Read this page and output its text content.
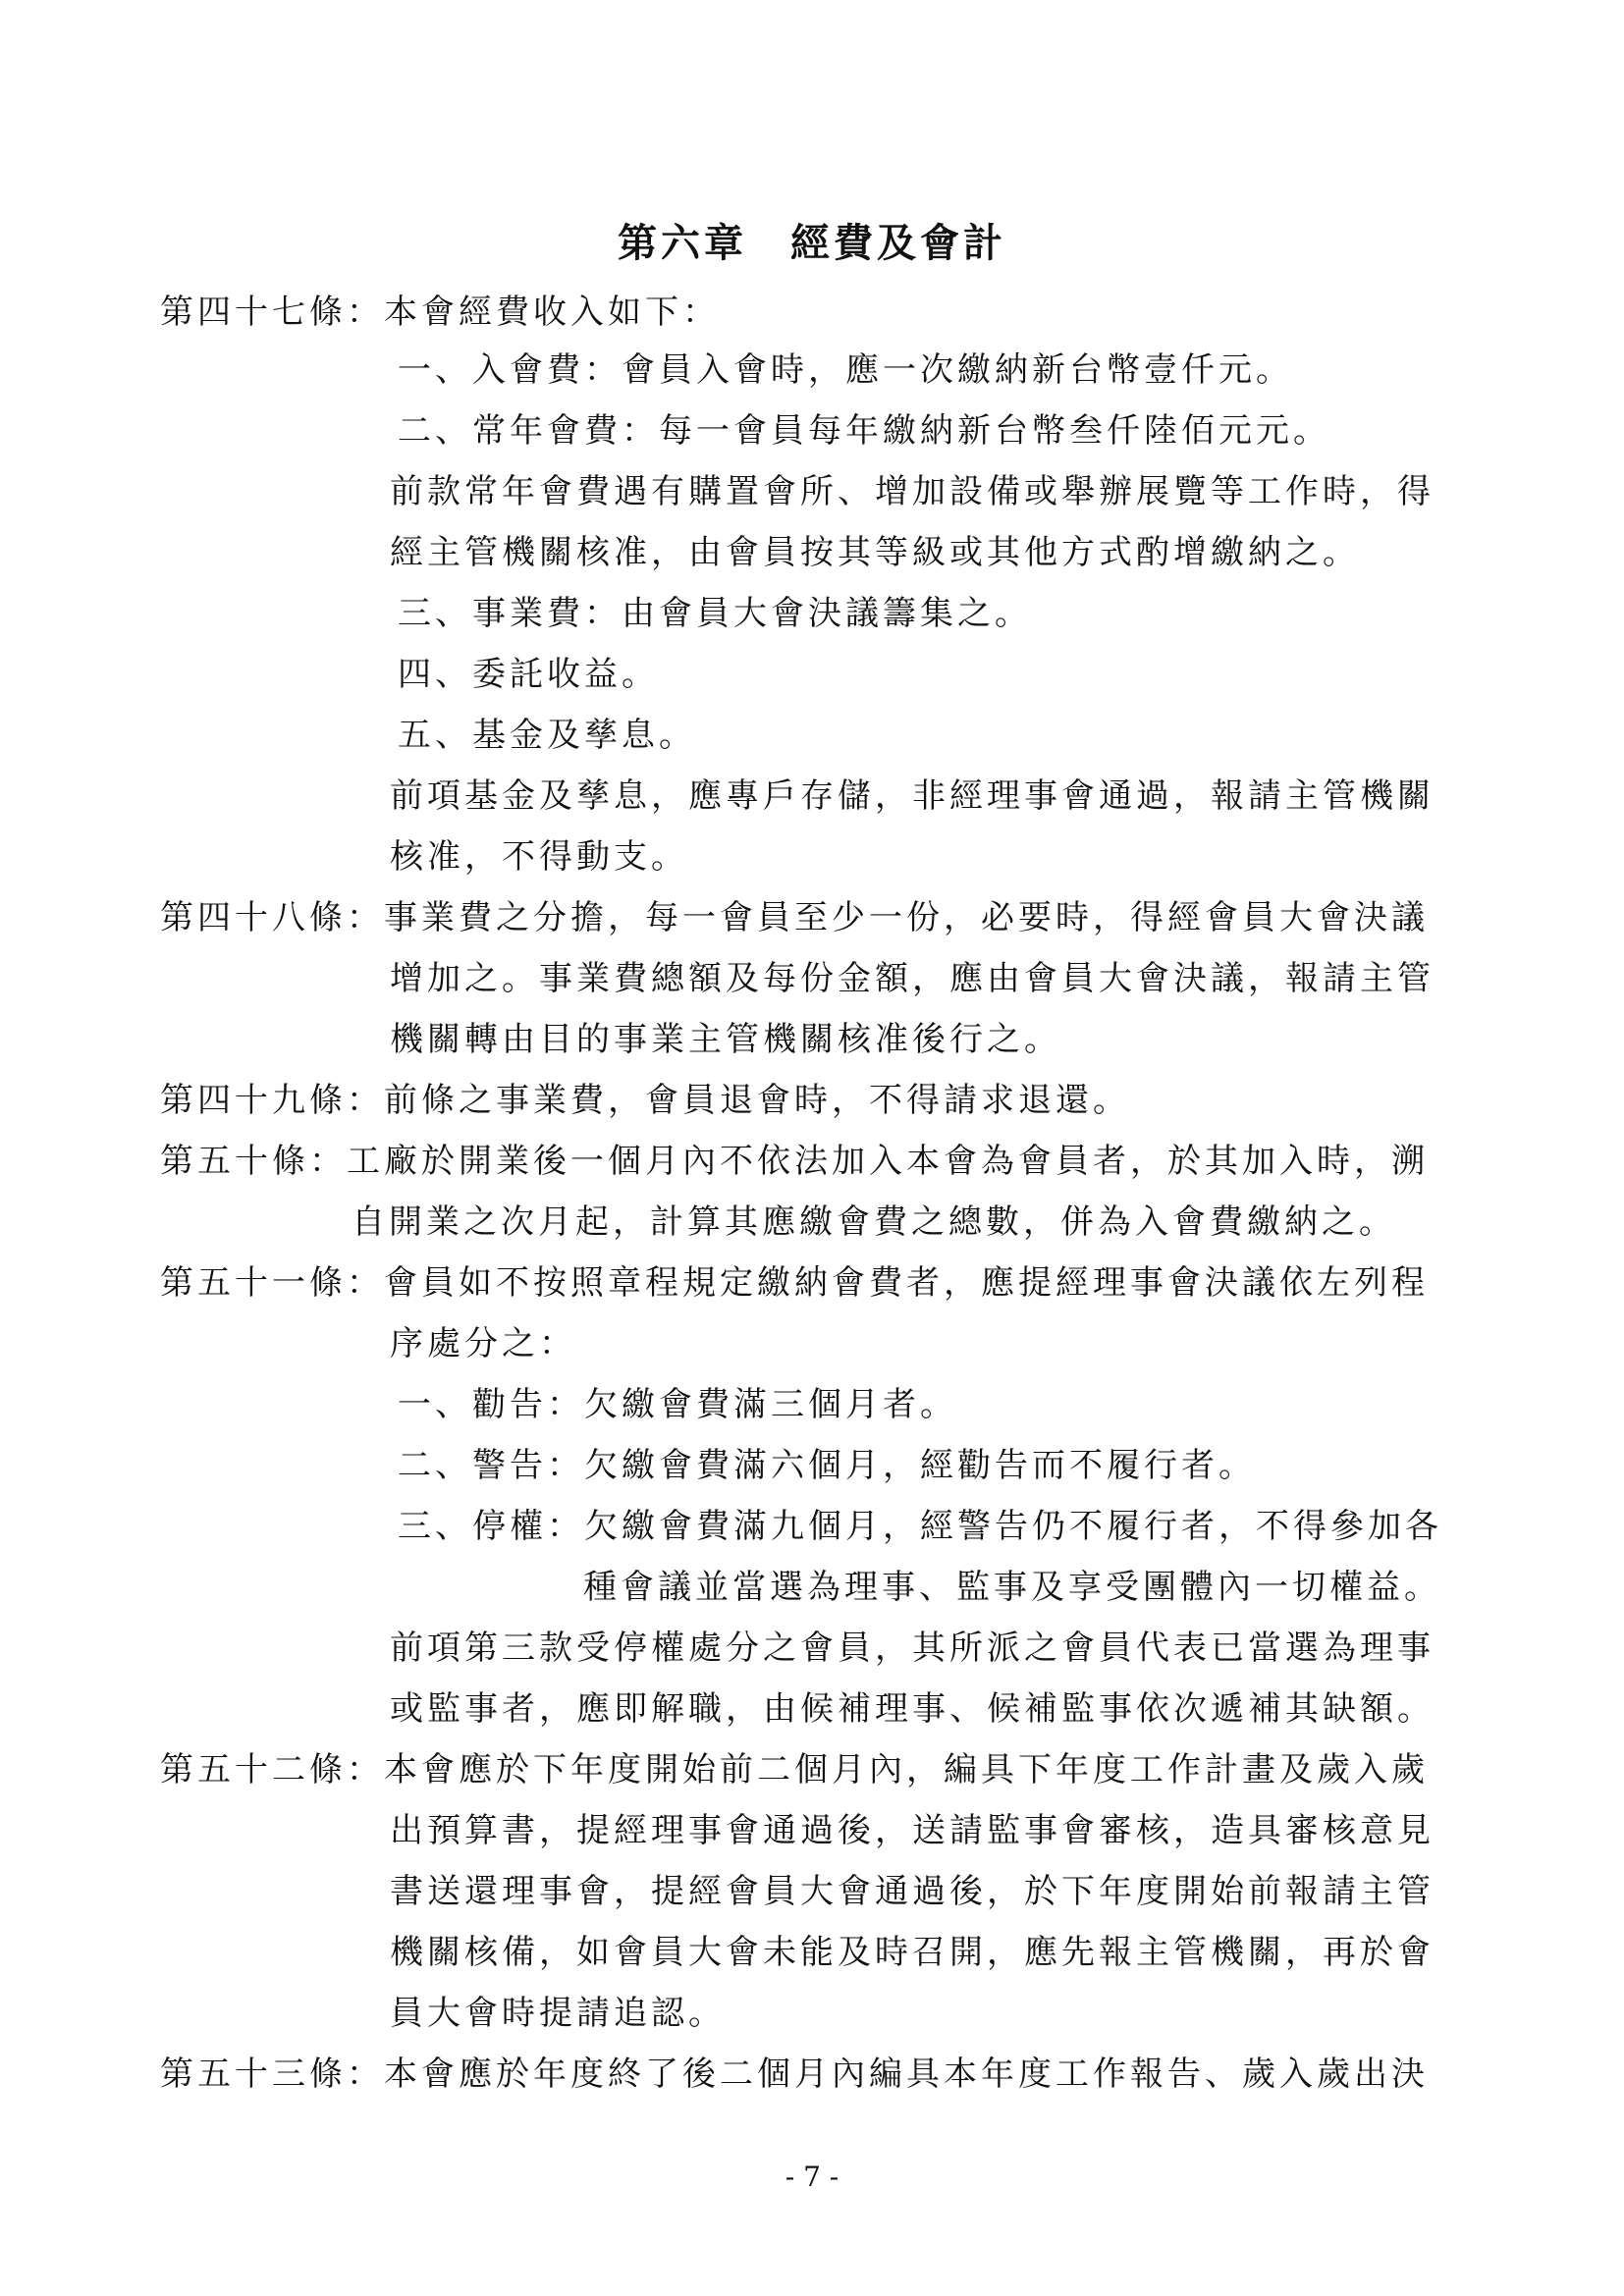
第六章　經費及會計
第四十七條：本會經費收入如下：
一、入會費：會員入會時，應一次繳納新台幣壹仟元。
二、常年會費：每一會員每年繳納新台幣叁仟陸佰元元。
前款常年會費遇有購置會所、增加設備或舉辦展覽等工作時，得
經主管機關核准，由會員按其等級或其他方式酌增繳納之。
三、事業費：由會員大會決議籌集之。
四、委託收益。
五、基金及孳息。
前項基金及孳息，應專戶存儲，非經理事會通過，報請主管機關
核准，不得動支。
第四十八條：事業費之分擔，每一會員至少一份，必要時，得經會員大會決議
增加之。事業費總額及每份金額，應由會員大會決議，報請主管
機關轉由目的事業主管機關核准後行之。
第四十九條：前條之事業費，會員退會時，不得請求退還。
第五十條：工廠於開業後一個月內不依法加入本會為會員者，於其加入時，溯
自開業之次月起，計算其應繳會費之總數，併為入會費繳納之。
第五十一條：會員如不按照章程規定繳納會費者，應提經理事會決議依左列程
序處分之：
一、勸告：欠繳會費滿三個月者。
二、警告：欠繳會費滿六個月，經勸告而不履行者。
三、停權：欠繳會費滿九個月，經警告仍不履行者，不得參加各
種會議並當選為理事、監事及享受團體內一切權益。
前項第三款受停權處分之會員，其所派之會員代表已當選為理事
或監事者，應即解職，由候補理事、候補監事依次遞補其缺額。
第五十二條：本會應於下年度開始前二個月內，編具下年度工作計畫及歲入歲
出預算書，提經理事會通過後，送請監事會審核，造具審核意見
書送還理事會，提經會員大會通過後，於下年度開始前報請主管
機關核備，如會員大會未能及時召開，應先報主管機關，再於會
員大會時提請追認。
第五十三條：本會應於年度終了後二個月內編具本年度工作報告、歲入歲出決
- 7 -
